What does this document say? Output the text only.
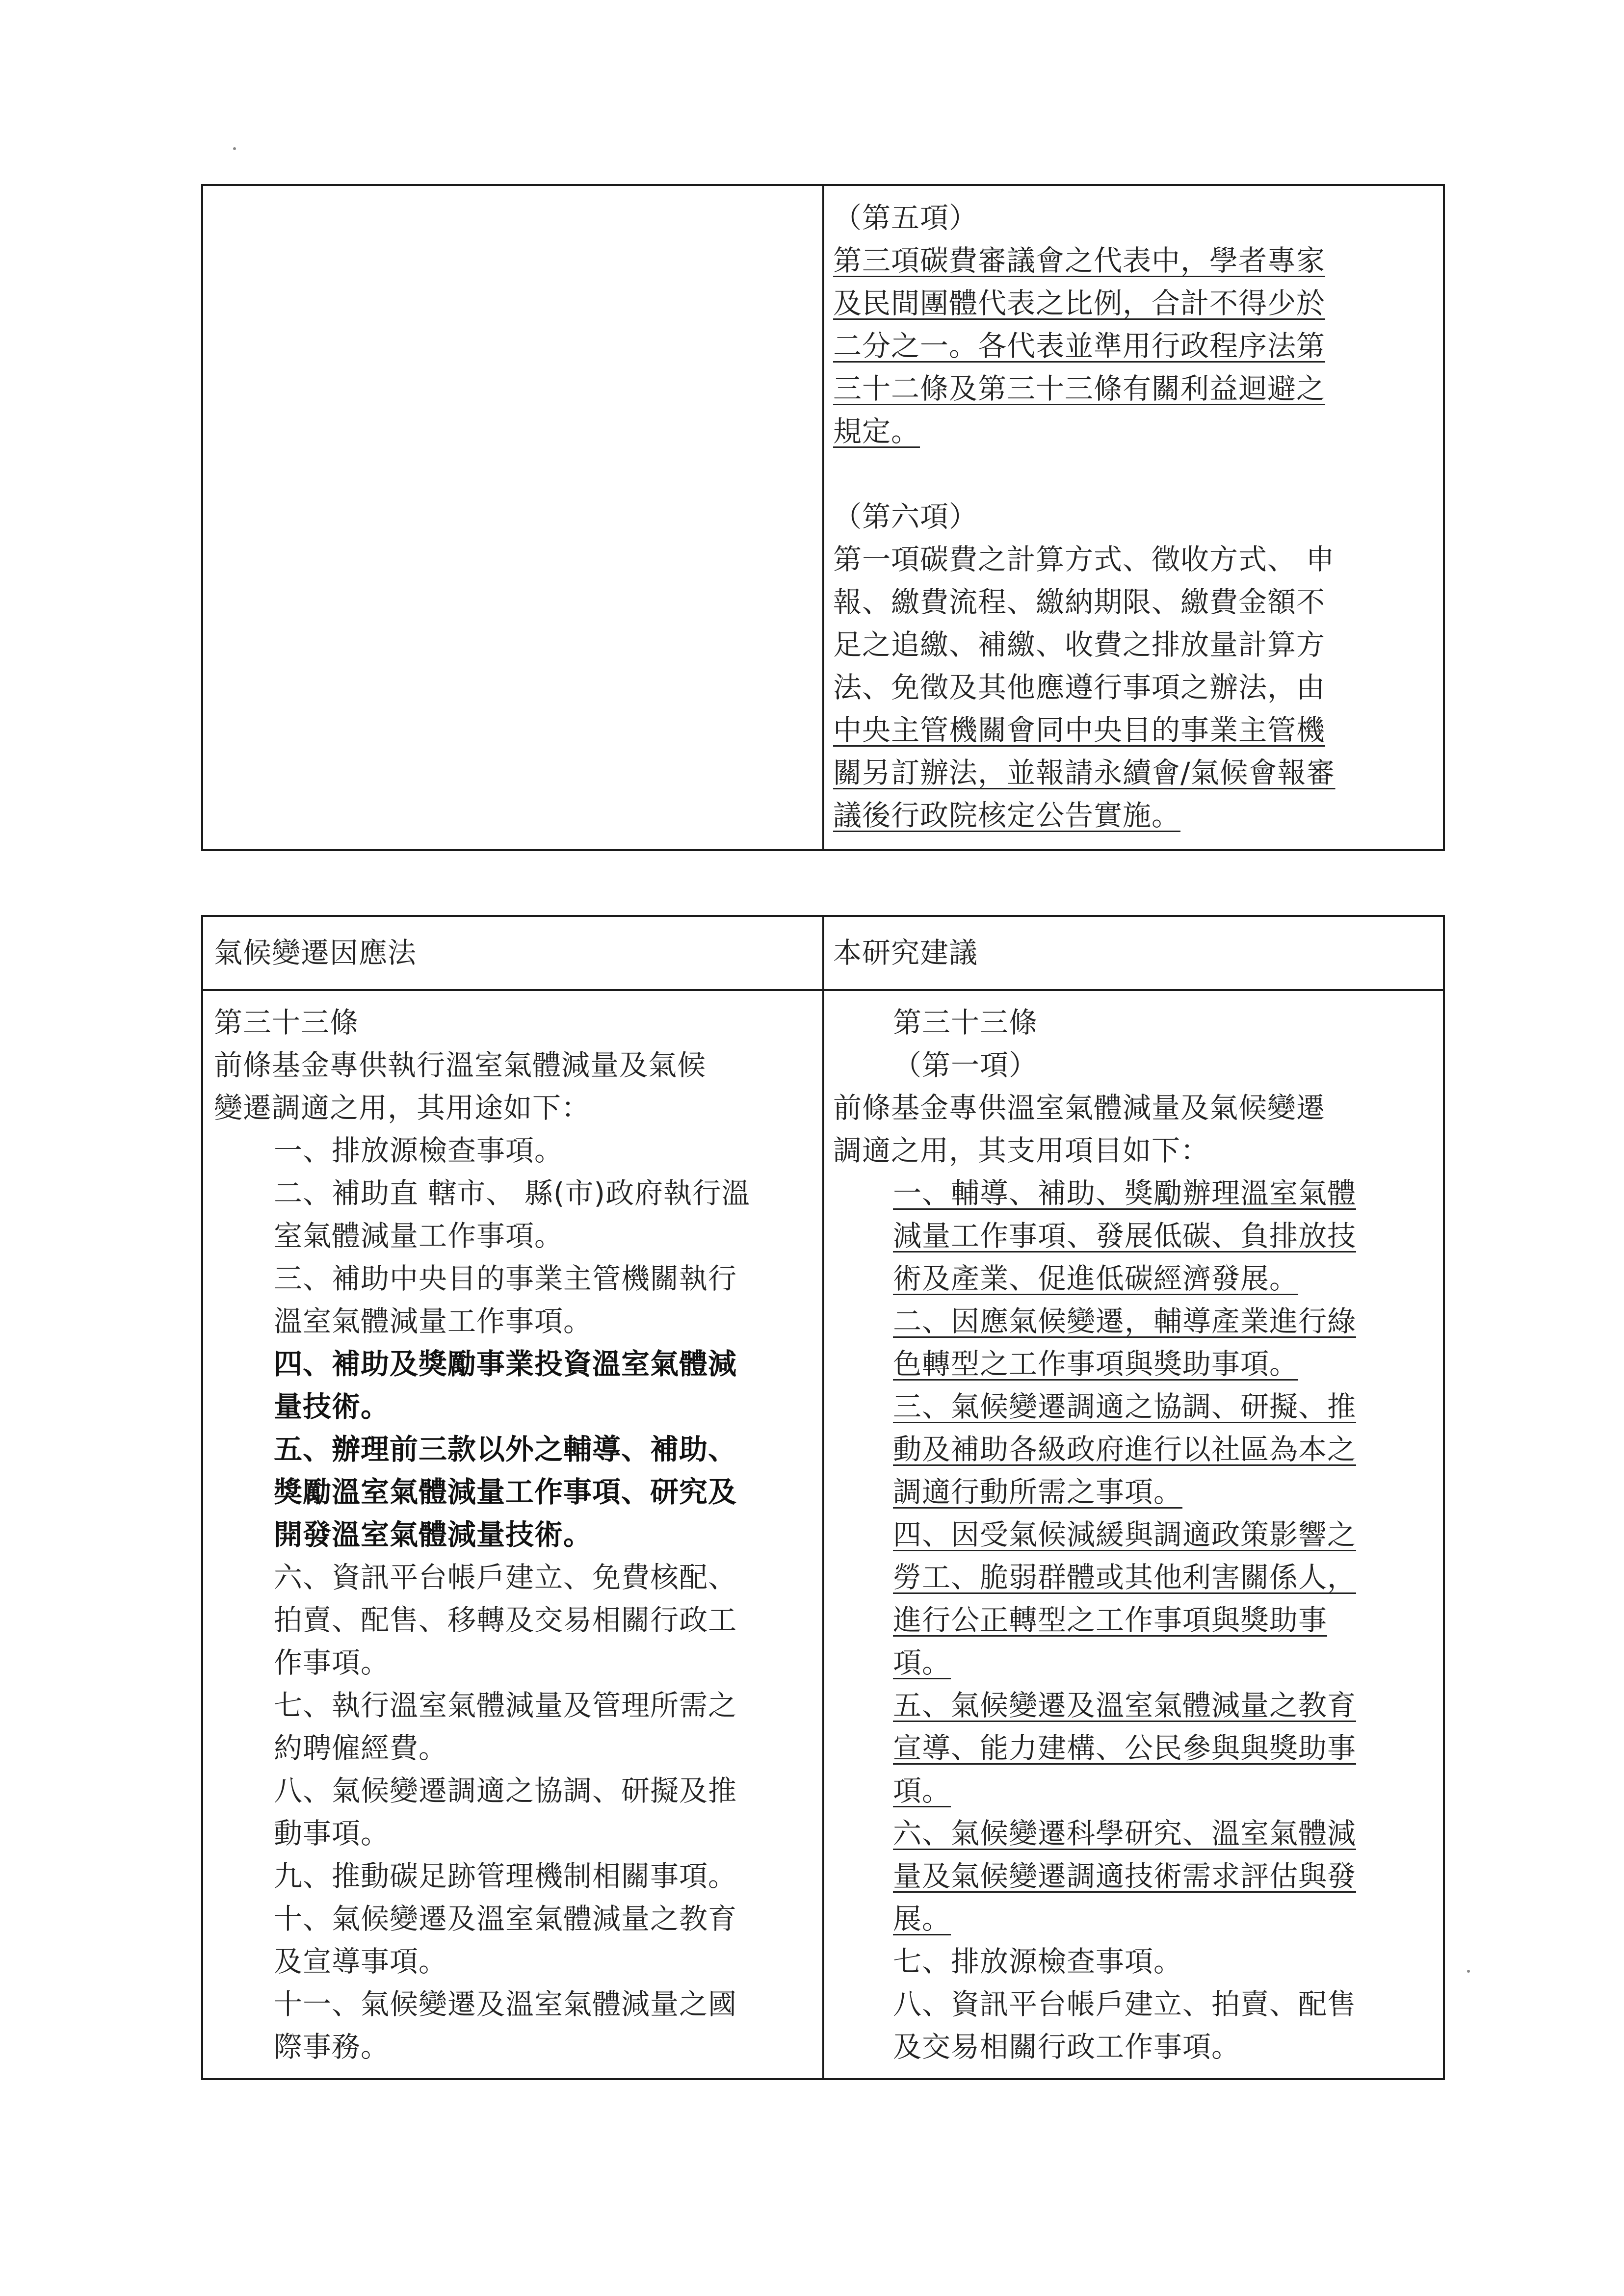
（第五項）
第三項碳費審議會之代表中，學者專家
及民間團體代表之比例，合計不得少於
二分之一。各代表並準用行政程序法第
三十二條及第三十三條有關利益迴避之
規定。
（第六項）
第一項碳費之計算方式、徵收方式、 申
報、繳費流程、繳納期限、繳費金額不
足之追繳、補繳、收費之排放量計算方
法、免徵及其他應遵行事項之辦法，由
中央主管機關會同中央目的事業主管機
關另訂辦法，並報請永續會/氣候會報審
議後行政院核定公告實施。
氣候變遷因應法	本研究建議
第三十三條
前條基金專供執行溫室氣體減量及氣候
變遷調適之用，其用途如下：
一、排放源檢查事項。
二、補助直 轄市、 縣(市)政府執行溫
室氣體減量工作事項。
三、補助中央目的事業主管機關執行
溫室氣體減量工作事項。
四、補助及獎勵事業投資溫室氣體減
量技術。
五、辦理前三款以外之輔導、補助、
獎勵溫室氣體減量工作事項、研究及
開發溫室氣體減量技術。
六、資訊平台帳戶建立、免費核配、
拍賣、配售、移轉及交易相關行政工
作事項。
七、執行溫室氣體減量及管理所需之
約聘僱經費。
八、氣候變遷調適之協調、研擬及推
動事項。
九、推動碳足跡管理機制相關事項。
十、氣候變遷及溫室氣體減量之教育
及宣導事項。
十一、氣候變遷及溫室氣體減量之國
際事務。
第三十三條
（第一項）
前條基金專供溫室氣體減量及氣候變遷
調適之用，其支用項目如下：
一、輔導、補助、獎勵辦理溫室氣體
減量工作事項、發展低碳、負排放技
術及產業、促進低碳經濟發展。
二、因應氣候變遷，輔導產業進行綠
色轉型之工作事項與獎助事項。
三、氣候變遷調適之協調、研擬、推
動及補助各級政府進行以社區為本之
調適行動所需之事項。
四、因受氣候減緩與調適政策影響之
勞工、脆弱群體或其他利害關係人，
進行公正轉型之工作事項與獎助事
項。
五、氣候變遷及溫室氣體減量之教育
宣導、能力建構、公民參與與獎助事
項。
六、氣候變遷科學研究、溫室氣體減
量及氣候變遷調適技術需求評估與發
展。
七、排放源檢查事項。
八、資訊平台帳戶建立、拍賣、配售
及交易相關行政工作事項。
